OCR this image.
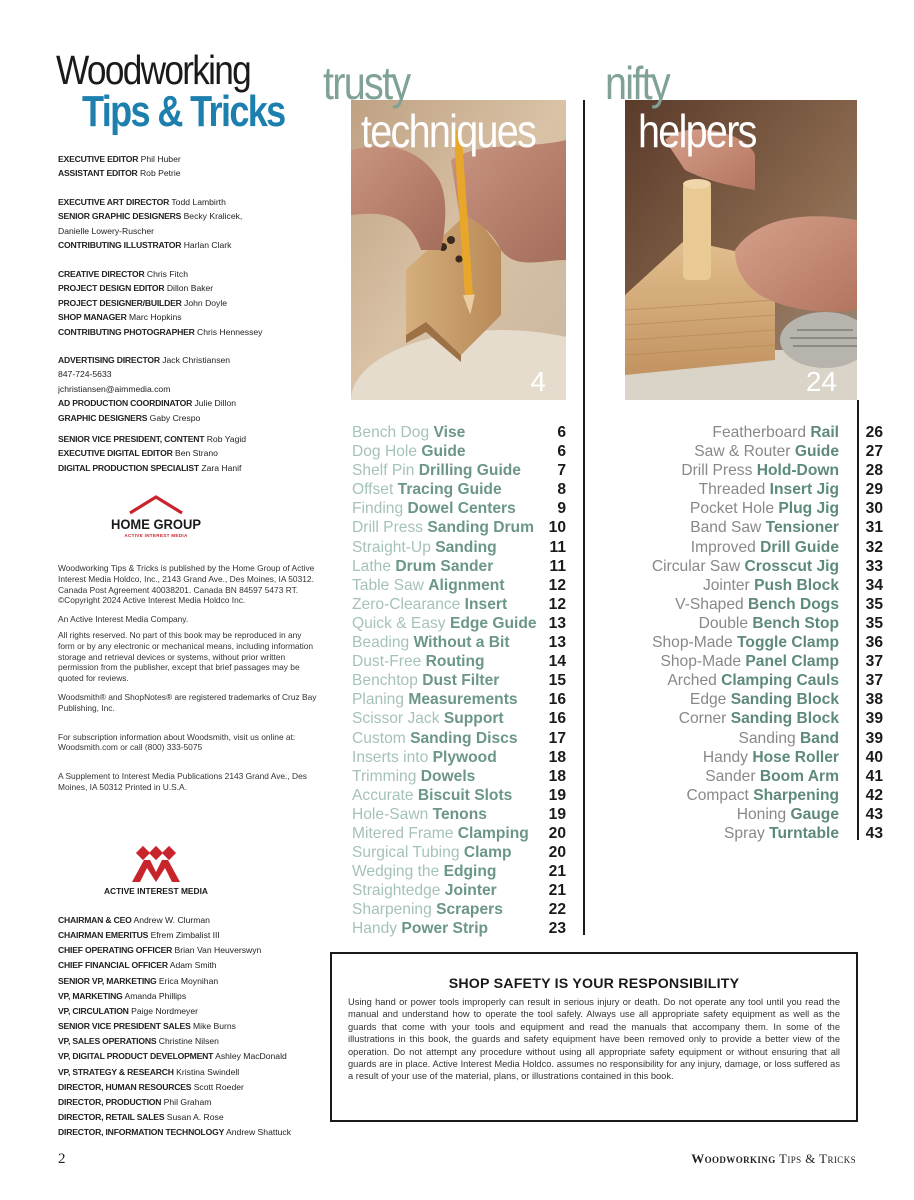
Woodworking
Tips & Tricks
EXECUTIVE EDITOR Phil Huber
ASSISTANT EDITOR Rob Petrie
EXECUTIVE ART DIRECTOR Todd Lambirth
SENIOR GRAPHIC DESIGNERS Becky Kralicek,
Danielle Lowery-Ruscher
CONTRIBUTING ILLUSTRATOR Harlan Clark
CREATIVE DIRECTOR Chris Fitch
PROJECT DESIGN EDITOR Dillon Baker
PROJECT DESIGNER/BUILDER John Doyle
SHOP MANAGER Marc Hopkins
CONTRIBUTING PHOTOGRAPHER Chris Hennessey
ADVERTISING DIRECTOR Jack Christiansen
847-724-5633
jchristiansen@aimmedia.com
AD PRODUCTION COORDINATOR Julie Dillon
GRAPHIC DESIGNERS Gaby Crespo
SENIOR VICE PRESIDENT, CONTENT Rob Yagid
EXECUTIVE DIGITAL EDITOR Ben Strano
DIGITAL PRODUCTION SPECIALIST Zara Hanif
HOME GROUP
ACTIVE INTEREST MEDIA

Woodworking Tips & Tricks is published by the Home Group of Active Interest Media Holdco, Inc., 2143 Grand Ave., Des Moines, IA 50312. Canada Post Agreement 40038201. Canada BN 84597 5473 RT. ©Copyright 2024 Active Interest Media Holdco Inc.

An Active Interest Media Company.

All rights reserved. No part of this book may be reproduced in any form or by any electronic or mechanical means, including information storage and retrieval devices or systems, without prior written permission from the publisher, except that brief passages may be quoted for reviews.

Woodsmith® and ShopNotes® are registered trademarks of Cruz Bay Publishing, Inc.

For subscription information about Woodsmith, visit us online at: Woodsmith.com or call (800) 333-5075

A Supplement to Interest Media Publications 2143 Grand Ave., Des Moines, IA 50312 Printed in U.S.A.

ACTIVE INTEREST MEDIA
CHAIRMAN & CEO Andrew W. Clurman
CHAIRMAN EMERITUS Efrem Zimbalist III
CHIEF OPERATING OFFICER Brian Van Heuverswyn
CHIEF FINANCIAL OFFICER Adam Smith
SENIOR VP, MARKETING Erica Moynihan
VP, MARKETING Amanda Phillips
VP, CIRCULATION Paige Nordmeyer
SENIOR VICE PRESIDENT SALES Mike Burns
VP, SALES OPERATIONS Christine Nilsen
VP, DIGITAL PRODUCT DEVELOPMENT Ashley MacDonald
VP, STRATEGY & RESEARCH Kristina Swindell
DIRECTOR, HUMAN RESOURCES Scott Roeder
DIRECTOR, PRODUCTION Phil Graham
DIRECTOR, RETAIL SALES Susan A. Rose
DIRECTOR, INFORMATION TECHNOLOGY Andrew Shattuck
4
trusty
techniques
24
nifty
helpers
Bench Dog Vise	6
Dog Hole Guide	6
Shelf Pin Drilling Guide 7
Offset Tracing Guide	8
Finding Dowel Centers	9
Drill Press Sanding Drum 10
Straight-Up Sanding	11
Lathe Drum Sander	11
Table Saw Alignment	12
Zero-Clearance Insert	12
Quick & Easy Edge Guide 13
Beading Without a Bit	13
Dust-Free Routing	14
Benchtop Dust Filter	15
Planing Measurements 16
Scissor Jack Support	16
Custom Sanding Discs 17
Inserts into Plywood	18
Trimming Dowels	18
Accurate Biscuit Slots 19
Hole-Sawn Tenons	19
Mitered Frame Clamping 20
Surgical Tubing Clamp 20
Wedging the Edging	21
Straightedge Jointer	21
Sharpening Scrapers	22
Handy Power Strip	23
Featherboard Rail 26
Saw & Router Guide 27
Drill Press Hold-Down 28
Threaded Insert Jig 29
Pocket Hole Plug Jig 30
Band Saw Tensioner 31
Improved Drill Guide 32
Circular Saw Crosscut Jig 33
Jointer Push Block 34
V-Shaped Bench Dogs 35
Double Bench Stop 35
Shop-Made Toggle Clamp 36
Shop-Made Panel Clamp 37
Arched Clamping Cauls 37
Edge Sanding Block 38
Corner Sanding Block 39
Sanding Band 39
Handy Hose Roller 40
Sander Boom Arm 41
Compact Sharpening 42
Honing Gauge 43
Spray Turntable 43
SHOP SAFETY IS YOUR RESPONSIBILITY

Using hand or power tools improperly can result in serious injury or death. Do not operate any tool until you read the manual and understand how to operate the tool safely. Always use all appropriate safety equipment as well as the guards that come with your tools and equipment and read the manuals that accompany them. In some of the illustrations in this book, the guards and safety equipment have been removed only to provide a better view of the operation. Do not attempt any procedure without using all appropriate safety equipment or without ensuring that all guards are in place. Active Interest Media Holdco. assumes no responsibility for any injury, damage, or loss suffered as a result of your use of the material, plans, or illustrations contained in this book.

2	Woodworking Tips & Tricks
